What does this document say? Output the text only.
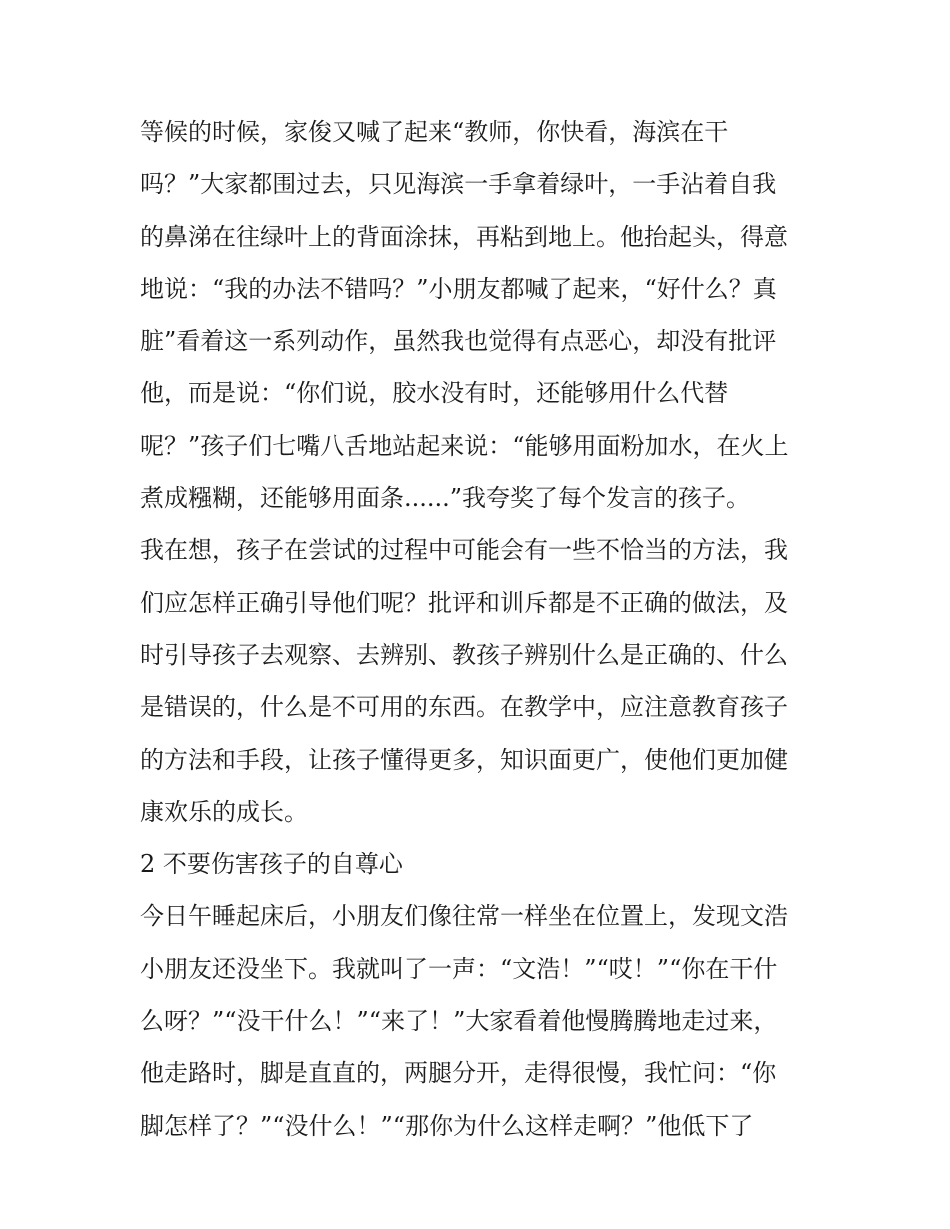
等候的时候，家俊又喊了起来“教师，你快看，海滨在干
吗？”大家都围过去，只见海滨一手拿着绿叶，一手沾着自我
的鼻涕在往绿叶上的背面涂抹，再粘到地上。他抬起头，得意
地说：“我的办法不错吗？”小朋友都喊了起来，“好什么？真
脏”看着这一系列动作，虽然我也觉得有点恶心，却没有批评
他，而是说：“你们说，胶水没有时，还能够用什么代替
呢？”孩子们七嘴八舌地站起来说：“能够用面粉加水，在火上
煮成糨糊，还能够用面条......”我夸奖了每个发言的孩子。
我在想，孩子在尝试的过程中可能会有一些不恰当的方法，我
们应怎样正确引导他们呢？批评和训斥都是不正确的做法，及
时引导孩子去观察、去辨别、教孩子辨别什么是正确的、什么
是错误的，什么是不可用的东西。在教学中，应注意教育孩子
的方法和手段，让孩子懂得更多，知识面更广，使他们更加健
康欢乐的成长。
2 不要伤害孩子的自尊心
今日午睡起床后，小朋友们像往常一样坐在位置上，发现文浩
小朋友还没坐下。我就叫了一声：“文浩！”“哎！”“你在干什
么呀？”“没干什么！”“来了！”大家看着他慢腾腾地走过来，
他走路时，脚是直直的，两腿分开，走得很慢，我忙问：“你
脚怎样了？”“没什么！”“那你为什么这样走啊？”他低下了
